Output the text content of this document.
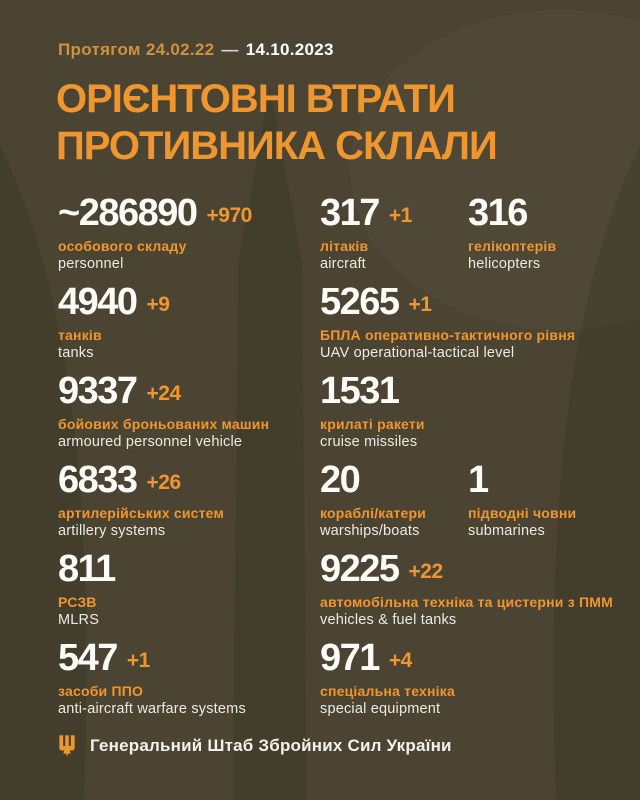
Протягом 24.02.22 — 14.10.2023
ОРІЄНТОВНІ ВТРАТИ
ПРОТИВНИКА СКЛАЛИ
~286890 +970
особового складу
personnel
4940 +9
танків
tanks
9337 +24
бойових броньованих машин
armoured personnel vehicle
6833 +26
артилерійських систем
artillery systems
811
РСЗВ
MLRS
547 +1
засоби ППО
anti-aircraft warfare systems
317 +1
літаків
aircraft
316
гелікоптерів
helicopters
5265 +1
БПЛА оперативно-тактичного рівня
UAV operational-tactical level
1531
крилаті ракети
cruise missiles
20
кораблі/катери
warships/boats
1
підводні човни
submarines
9225 +22
автомобільна техніка та цистерни з ПММ
vehicles & fuel tanks
971 +4
спеціальна техніка
special equipment
Генеральний Штаб Збройних Сил України
